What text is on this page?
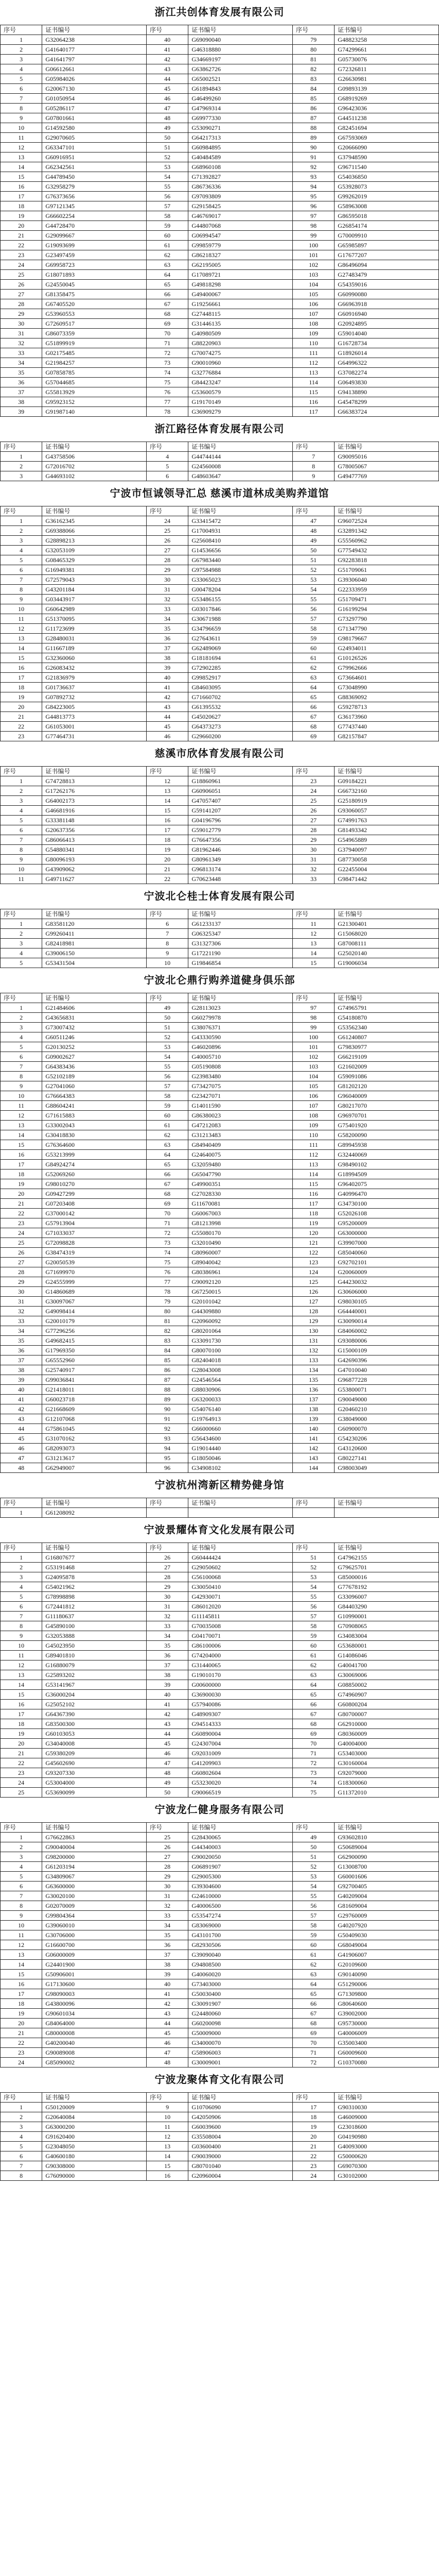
浙江共创体育发展有限公司
序号	证书编号	序号	证书编号	序号	证书编号
1	G32064238	40	G69090040	79	G48823258
2	G41640177	41	G46318880	80	G74299661
3	G41641797	42	G34669197	81	G05730076
4	G06612661	43	G63862726	82	G72326811
5	G05984026	44	G65002521	83	G26630981
6	G20067130	45	G61894843	84	G09893139
7	G01050954	46	G46499260	85	G68919269
8	G05286117	47	G47969314	86	G96423036
9	G07801661	48	G69977330	87	G44511238
10	G14592580	49	G53090271	88	G82451694
11	G29070605	50	G64217313	89	G67593069
12	G63347101	51	G60984895	90	G20666090
13	G60916951	52	G40484589	91	G37948590
14	G62342561	53	G68960108	92	G96711540
15	G44789450	54	G71392827	93	G54036850
16	G32958279	55	G86736336	94	G53928073
17	G76373656	56	G97093809	95	G99262019
18	G97121345	57	G29158425	96	G58963008
19	G66602254	58	G46769017	97	G86595018
20	G44728470	59	G44807068	98	G26854174
21	G29099667	60	G06994547	99	G70009910
22	G19093699	61	G99859779	100	G65985897
23	G23497459	62	G86218327	101	G17677207
24	G69958723	63	G62195005	102	G86496094
25	G18071893	64	G17089721	103	G27483479
26	G24550045	65	G49818298	104	G54359016
27	G81358475	66	G49400067	105	G60990080
28	G67405520	67	G19256661	106	G66963918
29	G53960553	68	G27448115	107	G60916940
30	G72609517	69	G31446135	108	G20924895
31	G86073359	70	G40980509	109	G59014040
32	G51899919	71	G88220903	110	G16728734
33	G02175485	72	G70074275	111	G18926014
34	G21984257	73	G90010960	112	G64996322
35	G07858785	74	G32776884	113	G37082274
36	G57044685	75	G84423247	114	G06493830
37	G55813929	76	G53600579	115	G94138890
38	G95923152	77	G19170149	116	G45478299
39	G91987140	78	G36909279	117	G66383724
浙江路径体育发展有限公司
序号	证书编号	序号	证书编号	序号	证书编号
1	G43758506	4	G44744144	7	G90095016
2	G72016702	5	G24560008	8	G78005067
3	G44693102	6	G48603647	9	G49477769
宁波市恒诚领导汇总 慈溪市道林成美购养道馆
序号	证书编号	序号	证书编号	序号	证书编号
1	G36162345	24	G33415472	47	G96072524
2	G69388066	25	G17004931	48	G32891342
3	G28898213	26	G25608410	49	G55560962
4	G32053109	27	G14536656	50	G77549432
5	G08465329	28	G67983440	51	G92283818
6	G16949381	29	G97584988	52	G51709061
7	G72579043	30	G33065023	53	G39306040
8	G43201184	31	G00478204	54	G22333959
9	G03443917	32	G53486155	55	G51709471
10	G60642989	33	G03017846	56	G16199294
11	G51370095	34	G30671988	57	G73297790
12	G11723699	35	G34796659	58	G71347790
13	G28480031	36	G27643611	59	G98179667
14	G11667189	37	G62489069	60	G24934011
15	G32360060	38	G18181694	61	G10126526
16	G26083432	39	G72902285	62	G79962666
17	G21836979	40	G99852917	63	G73664601
18	G01736637	41	G84603095	64	G73048990
19	G07892732	42	G71660702	65	G88369092
20	G84223005	43	G61395532	66	G59278713
21	G44813773	44	G45020627	67	G36173960
22	G61053001	45	G64373273	68	G77437440
23	G77464731	46	G29660200	69	G82157847
慈溪市欣体育发展有限公司
序号	证书编号	序号	证书编号	序号	证书编号
1	G74728813	12	G18860961	23	G09184221
2	G17262176	13	G60906051	24	G66732160
3	G64002173	14	G47057407	25	G25180919
4	G46681916	15	G59141207	26	G93060057
5	G33381148	16	G04196796	27	G74991763
6	G20637356	17	G59012779	28	G81493342
7	G86066413	18	G76647356	29	G54965889
8	G54880341	19	G81962446	30	G37940097
9	G80096193	20	G80961349	31	G87730058
10	G43909062	21	G96813174	32	G22455004
11	G49711627	22	G70623448	33	G98471442
宁波北仑桂士体育发展有限公司
序号	证书编号	序号	证书编号	序号	证书编号
1	G83581120	6	G61233137	11	G21300401
2	G99260411	7	G06325347	12	G15068020
3	G82418981	8	G31327306	13	G87008111
4	G39006150	9	G17221190	14	G25020140
5	G53431504	10	G19846854	15	G19006034
宁波北仑鼎行购养道健身俱乐部
序号	证书编号	序号	证书编号	序号	证书编号
1	G21484606	49	G28113023	97	G74965791
2	G43656831	50	G60279978	98	G54180870
3	G73007432	51	G38076371	99	G53562340
4	G60511246	52	G43330590	100	G61240807
5	G20130252	53	G46020896	101	G79830977
6	G09002627	54	G40005710	102	G66219109
7	G64383436	55	G05190808	103	G21602009
8	G52102189	56	G23983480	104	G59091086
9	G27041060	57	G73427075	105	G81202120
10	G76664383	58	G23427071	106	G96040009
11	G88604241	59	G14011590	107	G80217070
12	G71615883	60	G86380023	108	G96970701
13	G33002043	61	G47212083	109	G75401920
14	G30418830	62	G31213483	110	G58200090
15	G76364600	63	G84940409	111	G89945938
16	G53213999	64	G24640075	112	G32440069
17	G84924274	65	G32059480	113	G98490102
18	G52069260	66	G65047790	114	G18994509
19	G98010270	67	G49900351	115	G96402075
20	G09427299	68	G27028330	116	G40996470
21	G07203408	69	G11670081	117	G34730100
22	G37000142	70	G60067003	118	G52026108
23	G57913904	71	G81213998	119	G95200009
24	G71033037	72	G55080170	120	G63000000
25	G72098828	73	G32010490	121	G39907000
26	G38474319	74	G80960007	122	G85040060
27	G20050539	75	G89040042	123	G92702101
28	G71699970	76	G80386961	124	G20060009
29	G24555999	77	G90092120	125	G44230032
30	G14860689	78	G67250015	126	G30606000
31	G30097067	79	G20101042	127	G98030105
32	G49098414	80	G44309880	128	G64440001
33	G20010179	81	G20960092	129	G30090014
34	G77296256	82	G80201064	130	G84060002
35	G49682415	83	G33091730	131	G93080006
36	G17969350	84	G80070100	132	G15000109
37	G65552960	85	G82404018	133	G42690396
38	G25740917	86	G28043008	134	G47010040
39	G99036841	87	G24546564	135	G96877228
40	G21418011	88	G88030906	136	G53800071
41	G60023718	89	G63200033	137	G90049000
42	G21668609	90	G54076140	138	G20460210
43	G12107068	91	G19764913	139	G38049000
44	G75861045	92	G66000660	140	G60900070
45	G31070162	93	G56434600	141	G54230206
46	G82093073	94	G19014440	142	G43120600
47	G31213617	95	G18050046	143	G80227141
48	G62949007	96	G34908102	144	G98003049
宁波杭州湾新区精势健身馆
序号	证书编号	序号	证书编号	序号	证书编号
1	G61208092				
宁波景耀体育文化发展有限公司
序号	证书编号	序号	证书编号	序号	证书编号
1	G16807677	26	G60444424	51	G47962155
2	G53191468	27	G29050602	52	G79625701
3	G24095878	28	G56100068	53	G85000016
4	G54021962	29	G30050410	54	G77678192
5	G78998898	30	G42930071	55	G33096007
6	G72441812	31	G86012020	56	G84403290
7	G11180637	32	G11145811	57	G10990001
8	G45890100	33	G70035008	58	G70908065
9	G32053888	34	G04170071	59	G34083004
10	G45023950	35	G86100006	60	G53680001
11	G89401810	36	G74204000	61	G14086046
12	G16880079	37	G31440065	62	G40041700
13	G25893202	38	G19010170	63	G30069006
14	G53141967	39	G00600000	64	G08850002
15	G36000204	40	G36900030	65	G74960907
16	G25052102	41	G57940086	66	G60800204
17	G64367390	42	G48909307	67	G80700007
18	G83500300	43	G94514333	68	G62910000
19	G60103053	44	G60890004	69	G80360009
20	G34040008	45	G24307004	70	G40004000
21	G59380209	46	G92031009	71	G53403000
22	G45602690	47	G41209903	72	G30160004
23	G93207330	48	G60802604	73	G92079000
24	G53004000	49	G53230020	74	G18300060
25	G53690099	50	G90066519	75	G11372010
宁波龙仁健身服务有限公司
序号	证书编号	序号	证书编号	序号	证书编号
1	G76622863	25	G28430065	49	G93602810
2	G90040004	26	G44340003	50	G50689004
3	G98200000	27	G90020050	51	G62900090
4	G61203194	28	G06891907	52	G13008700
5	G34809067	29	G29005300	53	G60001606
6	G63600000	30	G39304600	54	G92700405
7	G30020100	31	G24610000	55	G40209004
8	G02070009	32	G40006500	56	G81609004
9	G99804364	33	G53547274	57	G29760009
10	G39060010	34	G83069000	58	G40207920
11	G30706000	35	G43101700	59	G50409030
12	G16600700	36	G82930506	60	G68049004
13	G06000009	37	G39090040	61	G41906007
14	G24401900	38	G94808500	62	G20109600
15	G50906001	39	G40060020	63	G90140090
16	G17130600	40	G73403000	64	G51290006
17	G98090003	41	G50030400	65	G71309800
18	G43800096	42	G30091907	66	G80640600
19	G90601034	43	G24480060	67	G39002000
20	G84064000	44	G60200098	68	G95730000
21	G80000008	45	G50009000	69	G40006009
22	G40200040	46	G34000070	70	G35003400
23	G90089008	47	G58906003	71	G60009600
24	G85090002	48	G30009001	72	G10370080
宁波龙聚体育文化有限公司
序号	证书编号	序号	证书编号	序号	证书编号
1	G50120009	9	G10706090	17	G90310030
2	G20640084	10	G42050906	18	G46009000
3	G63000200	11	G60039600	19	G23018600
4	G91620400	12	G35508004	20	G04190980
5	G23048050	13	G03600400	21	G40093000
6	G40600180	14	G90039000	22	G50000620
7	G90308000	15	G80701040	23	G69070300
8	G76090000	16	G20960004	24	G30102000
